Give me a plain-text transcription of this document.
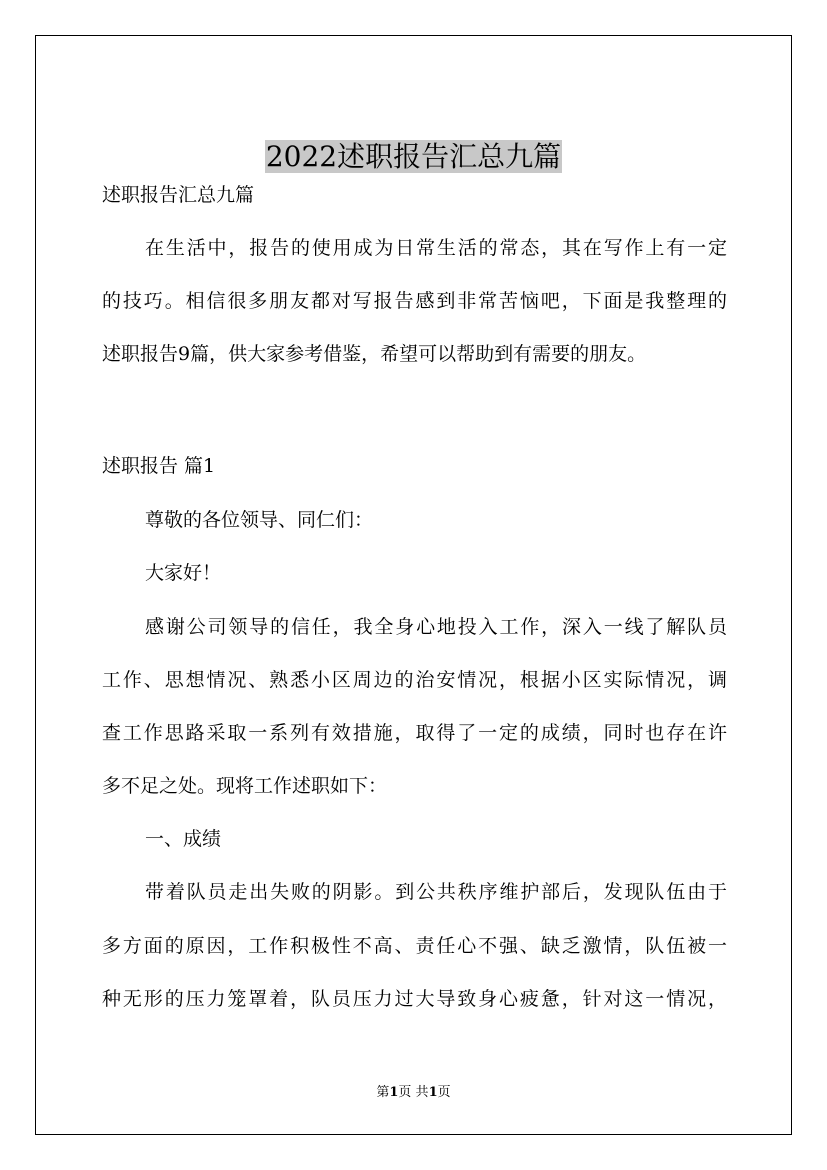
2022述职报告汇总九篇

述职报告汇总九篇

在生活中，报告的使用成为日常生活的常态，其在写作上有一定

的技巧。相信很多朋友都对写报告感到非常苦恼吧，下面是我整理的

述职报告9篇，供大家参考借鉴，希望可以帮助到有需要的朋友。

述职报告 篇1

尊敬的各位领导、同仁们：

大家好！

感谢公司领导的信任，我全身心地投入工作，深入一线了解队员

工作、思想情况、熟悉小区周边的治安情况，根据小区实际情况，调

查工作思路采取一系列有效措施，取得了一定的成绩，同时也存在许

多不足之处。现将工作述职如下：

一、成绩

带着队员走出失败的阴影。到公共秩序维护部后，发现队伍由于

多方面的原因，工作积极性不高、责任心不强、缺乏激情，队伍被一

种无形的压力笼罩着，队员压力过大导致身心疲惫，针对这一情况，

第1页 共1页
